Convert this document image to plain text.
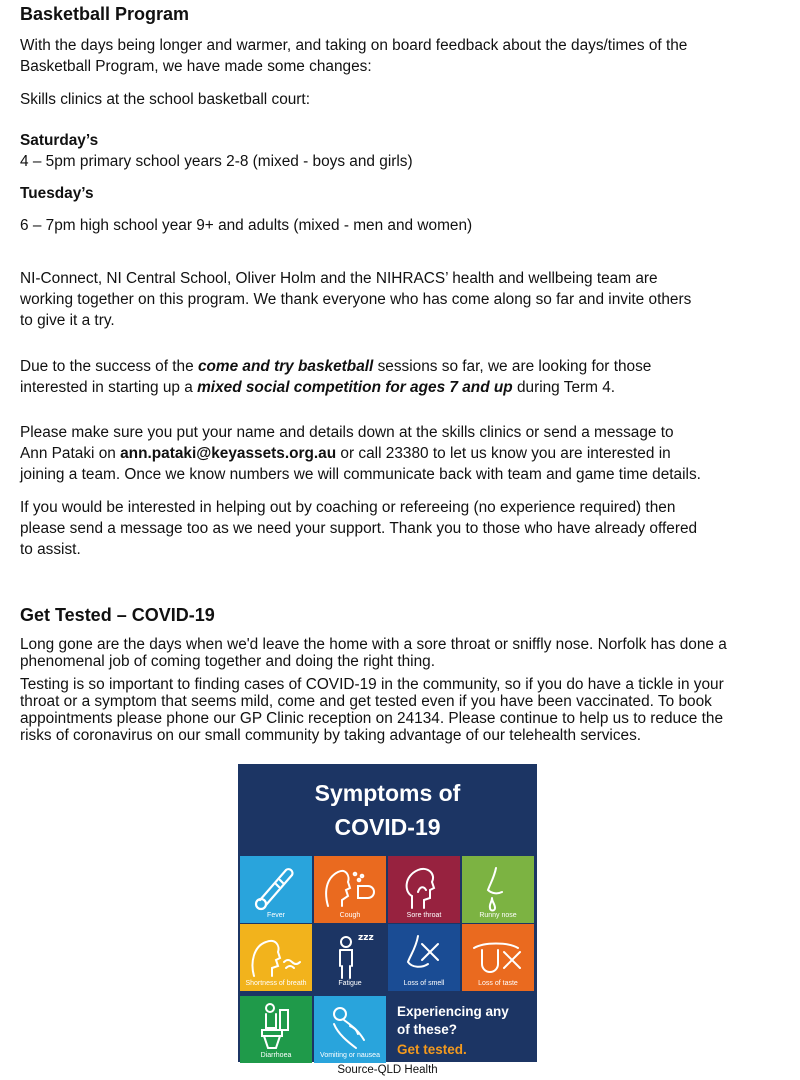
Basketball Program

With the days being longer and warmer, and taking on board feedback about the days/times of the

Basketball Program, we have made some changes:

Skills clinics at the school basketball court:

Saturday’s

4 – 5pm primary school years 2-8 (mixed - boys and girls)

Tuesday’s

6 – 7pm high school year 9+ and adults (mixed - men and women)

NI-Connect, NI Central School, Oliver Holm and the NIHRACS’ health and wellbeing team are

working together on this program. We thank everyone who has come along so far and invite others

to give it a try.

Due to the success of the come and try basketball sessions so far, we are looking for those

interested in starting up a mixed social competition for ages 7 and up during Term 4.

Please make sure you put your name and details down at the skills clinics or send a message to

Ann Pataki on ann.pataki@keyassets.org.au or call 23380 to let us know you are interested in

joining a team. Once we know numbers we will communicate back with team and game time details.

If you would be interested in helping out by coaching or refereeing (no experience required) then

please send a message too as we need your support. Thank you to those who have already offered

to assist.

Get Tested – COVID-19

Long gone are the days when we'd leave the home with a sore throat or sniffly nose. Norfolk has done a

phenomenal job of coming together and doing the right thing.

Testing is so important to finding cases of COVID-19 in the community, so if you do have a tickle in your

throat or a symptom that seems mild, come and get tested even if you have been vaccinated. To book

appointments please phone our GP Clinic reception on 24134. Please continue to help us to reduce the

risks of coronavirus on our small community by taking advantage of our telehealth services.

Symptoms of
COVID-19
Fever	Cough	Sore throat	Runny nose
Shortness of breath
zzz
Fatigue	Loss of smell	Loss of taste
Diarrhoea	Vomiting or nausea
Experiencing any
of these?
Get tested.
Source-QLD Health
